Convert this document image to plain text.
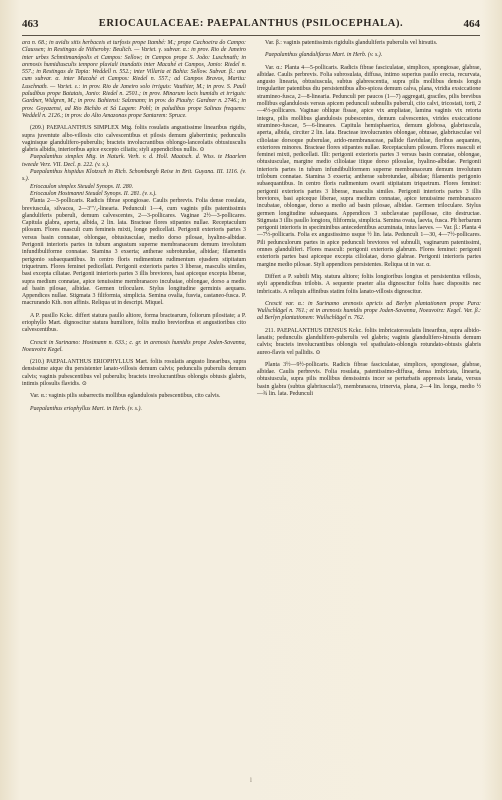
463	ERIOCAULACEAE: PAEPALANTHUS (PSILOCEPHALA).	464

ara n. 68.; in uvidis sitis herbaceis et turfosis prope Itambé: M.; prope Cachoeira do Campo: Claussen; in Restingas de Nitheroby: Beulich. — Variet. γ. subvar. α.: in prov. Rio de Janeiro inter urbes Schmitmanópolis et Campos: Sellow; in Campos prope S. João: Luschnath; in arenosis humidiusculis tempore pluviali inundatis inter Macahé et Campos, Janio: Riedel n. 557.; in Restingas de Tapia: Weddell n. 552.; inter Villaria et Bahia: Sellow. Subvar. β.: una cum subvar. α. inter Macahé et Campos: Riedel n. 557.; ad Campos Bravos, Martiu: Luschnath. — Variet. ε.: in prov. Rio de Janeiro solo irriguis: Vauthier, M.; in prov. S. Pauli paludibus prope Batatais, Janio: Riedel n. 2501.; in prov. Minarum locis humidis et irriguis: Gardner, Widgren, M.; in prov. Bahiensi: Salzmann; in prov. do Piauhy: Gardner n. 2746.; in prov. Goyazensi, ad Rio Bichão et Sá Lagem: Pohl; in paludibus prope Salinas frequens: Weddell n. 2126.; in prov. do Alto Amazonas prope Santarem: Spruce.

(209.) PAEPALANTHUS SIMPLEX Mtg. foliis rosulatis angustissime linearibus rigidis, supra juventute albo-villosis cito calvescentibus et pilosis demum glaberrimis; pedunculis vaginisque glandulifero-puberulis; bracteis involucrantibus oblongo-lanceolatis obtusiusculis glabris albidis, interioribus apice excepto ciliatis; styli appendicibus nullis. ⊙

Paepalanthus simplex Mtg. in Naturk. Verh. v. d. Holl. Maatsch. d. Wiss. te Haarlem tweede Verz. VII. Decl. p. 222. (v. s.).

Paepalanthus hispidus Klotzsch in Rich. Schomburgh Reise in Brit. Guyana. III. 1116. (v. s.).

Eriocaulon simplex Steudel Synops. II. 280.

Eriocaulon Hostmanni Steudel Synops. II. 281. (v. s.).

Planta 2—3-pollicaris. Radicis fibrae spongiosae. Caulis perbrevis. Folia dense rosulata, breviuscula, silvacea, 2—3′′′/₂-linearia. Pedunculi 1—4, cum vaginis pilis patentissimis glanduliferis puberuli, demum calvescentes, 2—3-pollicares. Vaginae 2½—3-pollicares. Capitula glabra, aperta, albida, 2 lin. lata. Bracteae flores stipantes nullae. Receptaculum pilosum. Flores masculi cum femineis mixti, longe pedicellati. Perigonii exterioris partes 3 versus basin connatae, oblongae, obtusiusculae, medio dorso pilosae, hyalino-albidae. Perigonii interioris partes in tubum angustum superne membranaceum demum involutum infundibuliforme connatae. Stamina 3 exserta; antherae subrotundae, albidae; filamentis perigonio subaequantibus. In centro floris rudimentum rudimentum ejusdem stipitatum triquetrum. Flores feminei pedicellati. Perigonii exterioris partes 3 liberae, masculis similes, basi excepta ciliatae. Perigonii interioris partes 3 illis breviores, basi apiceque excepta liberae, supra medium connatae, apice tenuissime membranaceo incubatae, oblongae, dorso a medio ad basin pilosae, albidae. Germen triloculare. Stylus longitudine germinis aequans. Appendices nullae. Stigmata 3 filiformia, simplicia. Semina ovalia, fusvia, castaneo-fusca. P. macrurando Kth. non affinis. Reliqua ut in descript. Miquel.

A P. pusillo Kckc. differt statura paullo altiore, forma bractearum, foliorum pilositate; a P. eriophyllo Mart. dignoscitur statura humiliore, foliis multo brevioribus et angustioribus cito calvescentibus.

Crescit in Surinamo: Hostmann n. 633.; c. gr. in arenosis humidis prope Joden-Savanna, Noeuvoirz Kegel.

(210.) PAEPALANTHUS ERIOPHYLLUS Mart. foliis rosulatis angusto linearibus, supra densissime atque diu persistenter lanato-villosis demum calvis; pedunculis puberulis demum calvis; vaginis pubescentibus vel puberulis; bracteis involucrantibus oblongis obtusis glabris, intimis pilosulis flavidis. ⊙

Var. α.: vaginis pilis subarrectis mollibus eglandulosis pubescentibus, cito calvis.

Paepalanthus eriophyllus Mart. in Herb. (v. s.).

Var. β.: vaginis patentissimis rigidulis glanduliferis puberulis vel hirsutis.

Paepalanthus glandulifarus Mart. in Herb. (v. s.).

Var. α.: Planta 4—5-pollicaris. Radicis fibrae fasciculatae, simplices, spongiosae, glabrae, albidae. Caulis perbrevis. Folia subrosulata, diffusa, intimo superius paullo erecta, recurvata, angusto linearia, obtusiuscula, subtus glabrescentia, supra pilis mollibus densis longis irregulariter patentibus diu persistentibus albo-spicea demum calva, plana, viridia exsiccatione stramineo-fusca, 2—8-linearia. Pedunculi per paucos (1—7) aggregati, graciles, pilis brevibus mollibus eglandulosis versus apicem pedunculi subnullis puberuli, cito calvi, tricostati, torti, 2—4½-pollicares. Vaginae oblique fissae, apice vix ampliatae, lamina vaginis vix retorta integra, pilis mollibus glandulosis pubescentes, demum calvescentes, virides exsiccatione stramineo-fuscae, 5—6-lineares. Capitula hemisphaerica, demum globosa, glabriuscula, aperta, albida, circiter 2 lin. lata. Bracteae involucrantes oblongae, obtusae, glabriusculae vel ciliolatae dorsoque puberulae, arido-membranaceae, pallide flavidulae, floribus aequantes, exteriores minores. Bracteae flores stipantes nullae. Receptaculum pilosum. Flores masculi et feminei mixti, pedicellati. Illi: perigonii exterioris partes 3 versus basin connatae, oblongae, obtusiusculae, margine medio ciliolatae itique dorso pilosulae, hyalino-albidae. Perigonii interioris partes in tubum infundibuliformem superne membranaceum demum involutum trilobum connatae. Stamina 3 exserta; antherae subrotundae, albidae; filamentis perigonio subaequantibus. In centro floris rudimentum ovarii stipitatum triquetrum. Flores feminei: perigonii exterioris partes 3 liberae, masculis similes. Perigonii interioris partes 3 illis breviores, basi apiceque liberae, supra medium connatae, apice tenuissime membranaceo incubatae, oblongae, dorso a medio ad basin pilosae, albidae. Germen triloculare. Stylus germen longitudine subaequans. Appendices 3 subclavatae papillosae, cito destructae. Stigmata 3 illis paullo longiora, filiformia, simplicia. Semina ovata, laevia, fusca. Plt herbarum perigonii interioris in speciminibus antecedentibus acuminata, intus laeves. — Var. β.: Planta 4—7½-pollicaris. Folia ex angustissimo usque ½ lin. lata. Pedunculi 1—30, 4—7½-pollicares. Pili pedunculorum partes in apice pedunculi breviores vel subnulli, vaginarum patentissimi, omnes glanduliferi. Flores masculi: perigonii exterioris glabrum. Flores feminei: perigonii exterioris partes basi apiceque excepta ciliolatae, dorso glabrae. Perigonii interioris partes margine medio pilosae. Styli appendices persistentes. Reliqua ut in var. α.

Differt a P. subtili Miq. statura altiore; foliis longioribus longius et persistentius villosis, styli appendicibus trilobis. A sequente praeter alia dignoscitur foliis haec dispositis nec imbricatis. A reliquis affinibus statim foliis lanato-villosis dignoscitur.

Crescit var. α.: in Surinamo arenosis apricis ad Berlyn plantationem prope Para: Wullschlägel n. 761.; et in arenosis humidis prope Joden-Savanna, Noeuvoirz: Kegel. Var. β.: ad Berlyn plantationem: Wullschlägel n. 762.

211. PAEPALANTHUS DENSUS Kckc. foliis imbricatorosulatis linearibus, supra albido-lanatis; pedunculis glandulifero-puberulis vel glabris; vaginis glandulifero-hirsutis demum calvis; bracteis involucrantibus oblongis vel spathulato-oblongis rotundato-obtusis glabris aureo-flavis vel pallidis. ⊙

Planta 3½—9½-pollicaris. Radicis fibrae fasciculatae, simplices, spongiosae, glabrae, albidae. Caulis perbrevis. Folia rosulata, patentissimo-diffusa, densa imbricata, linearia, obtusiuscula, supra pilis mollibus densissimis incer se perturbatis appressis lanata, versus basin glabra (subtus glabriuscula?), membranacea, trinervia, plana, 2—4 lin. longa, medio ½—¾ lin. lata. Pedunculi

l
